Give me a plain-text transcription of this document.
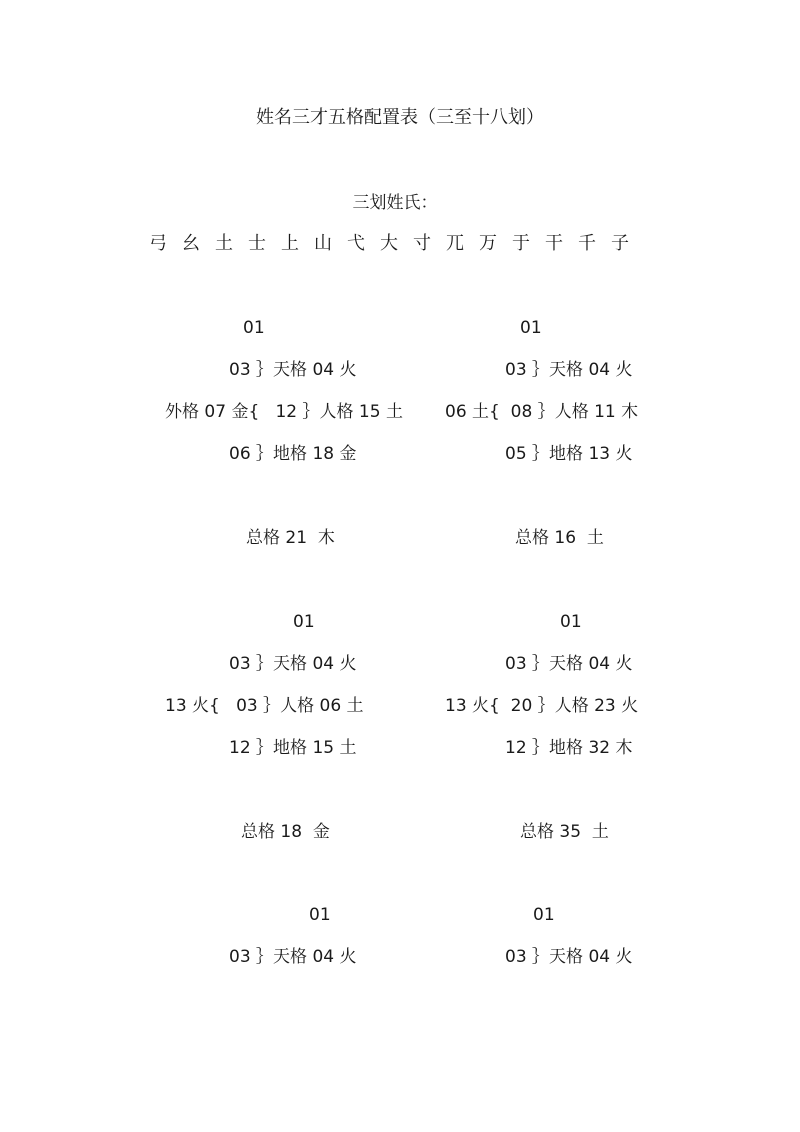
姓名三才五格配置表（三至十八划）
三划姓氏：
弓 幺 土 士 上 山 弋 大 寸 兀 万 于 干 千 子
01
03 ｝天格 04 火
外格 07 金{   12 ｝人格 15 土
06 ｝地格 18 金
总格 21  木
01
03 ｝天格 04 火
06 土{  08 ｝人格 11 木
05 ｝地格 13 火
总格 16  土
01
03 ｝天格 04 火
13 火{   03 ｝人格 06 土
12 ｝地格 15 土
总格 18  金
01
03 ｝天格 04 火
13 火{  20 ｝人格 23 火
12 ｝地格 32 木
总格 35  土
01
03 ｝天格 04 火
01
03 ｝天格 04 火
